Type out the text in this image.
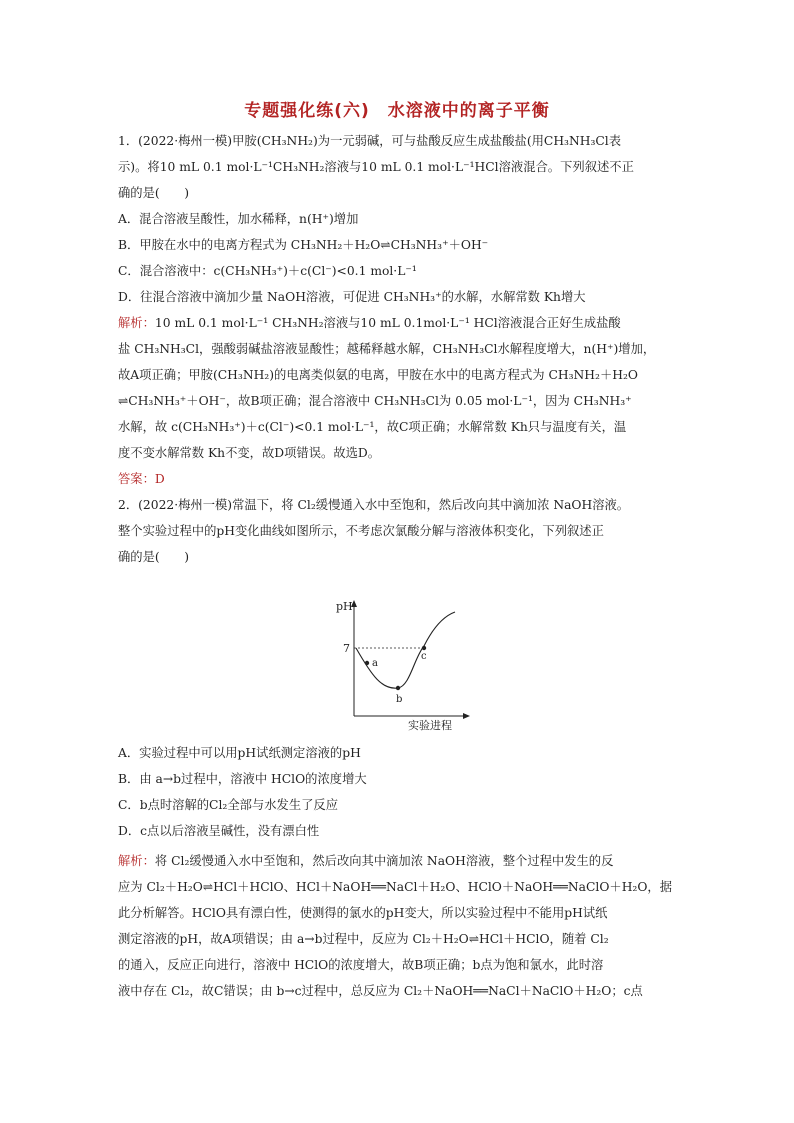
专题强化练(六)　水溶液中的离子平衡
1．(2022·梅州一模)甲胺(CH₃NH₂)为一元弱碱，可与盐酸反应生成盐酸盐(用CH₃NH₃Cl表
示)。将10 mL 0.1 mol·L⁻¹CH₃NH₂溶液与10 mL 0.1 mol·L⁻¹HCl溶液混合。下列叙述不正
确的是(　　)
A．混合溶液呈酸性，加水稀释，n(H⁺)增加
B．甲胺在水中的电离方程式为 CH₃NH₂＋H₂O⇌CH₃NH₃⁺＋OH⁻
C．混合溶液中：c(CH₃NH₃⁺)＋c(Cl⁻)<0.1 mol·L⁻¹
D．往混合溶液中滴加少量 NaOH溶液，可促进 CH₃NH₃⁺的水解，水解常数 Kh增大
解析：10 mL 0.1 mol·L⁻¹ CH₃NH₂溶液与10 mL 0.1mol·L⁻¹ HCl溶液混合正好生成盐酸
盐 CH₃NH₃Cl，强酸弱碱盐溶液显酸性；越稀释越水解，CH₃NH₃Cl水解程度增大，n(H⁺)增加，
故A项正确；甲胺(CH₃NH₂)的电离类似氨的电离，甲胺在水中的电离方程式为 CH₃NH₂＋H₂O
⇌CH₃NH₃⁺＋OH⁻，故B项正确；混合溶液中 CH₃NH₃Cl为 0.05 mol·L⁻¹，因为 CH₃NH₃⁺
水解，故 c(CH₃NH₃⁺)＋c(Cl⁻)<0.1 mol·L⁻¹，故C项正确；水解常数 Kh只与温度有关，温
度不变水解常数 Kh不变，故D项错误。故选D。
答案：D
2．(2022·梅州一模)常温下，将 Cl₂缓慢通入水中至饱和，然后改向其中滴加浓 NaOH溶液。
整个实验过程中的pH变化曲线如图所示，不考虑次氯酸分解与溶液体积变化，下列叙述正
确的是(　　)
pH
7
a
b
c
实验进程
A．实验过程中可以用pH试纸测定溶液的pH
B．由 a→b过程中，溶液中 HClO的浓度增大
C．b点时溶解的Cl₂全部与水发生了反应
D．c点以后溶液呈碱性，没有漂白性
解析：将 Cl₂缓慢通入水中至饱和，然后改向其中滴加浓 NaOH溶液，整个过程中发生的反
应为 Cl₂＋H₂O⇌HCl＋HClO、HCl＋NaOH══NaCl＋H₂O、HClO＋NaOH══NaClO＋H₂O，据
此分析解答。HClO具有漂白性，使测得的氯水的pH变大，所以实验过程中不能用pH试纸
测定溶液的pH，故A项错误；由 a→b过程中，反应为 Cl₂＋H₂O⇌HCl＋HClO，随着 Cl₂
的通入，反应正向进行，溶液中 HClO的浓度增大，故B项正确；b点为饱和氯水，此时溶
液中存在 Cl₂，故C错误；由 b→c过程中，总反应为 Cl₂＋NaOH══NaCl＋NaClO＋H₂O；c点
